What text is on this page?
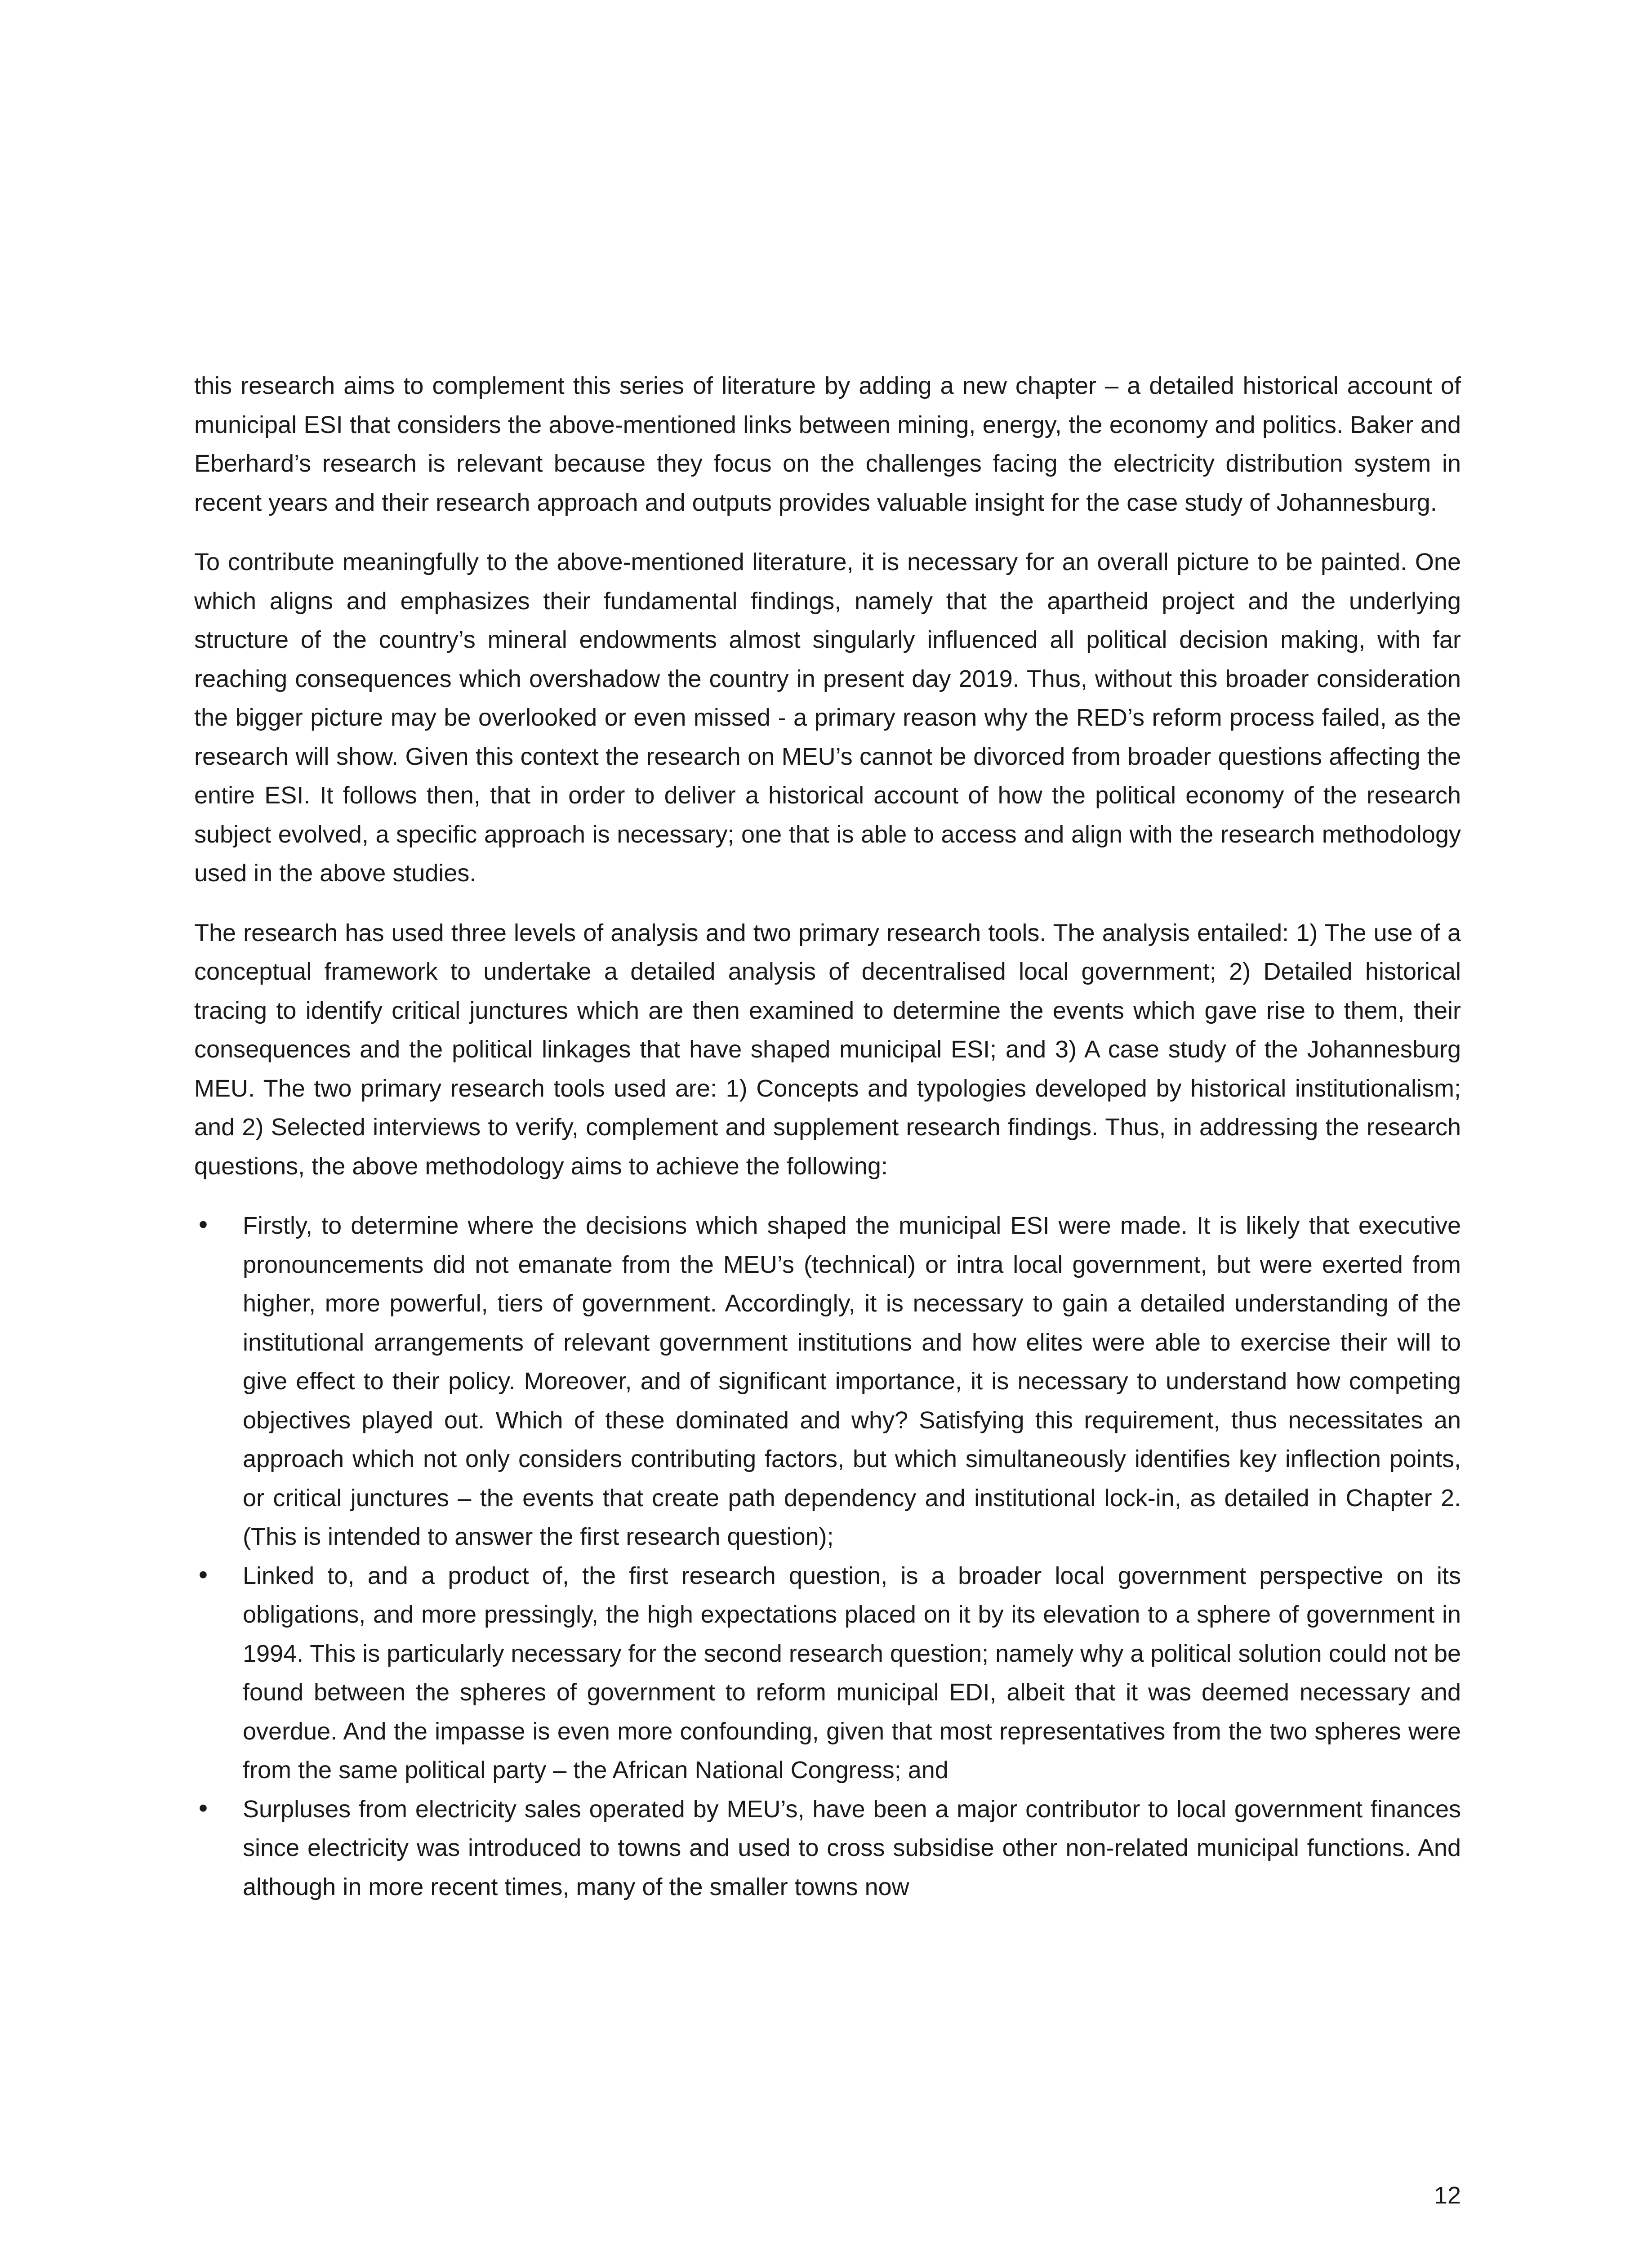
this research aims to complement this series of literature by adding a new chapter – a detailed historical account of municipal ESI that considers the above-mentioned links between mining, energy, the economy and politics. Baker and Eberhard’s research is relevant because they focus on the challenges facing the electricity distribution system in recent years and their research approach and outputs provides valuable insight for the case study of Johannesburg.

To contribute meaningfully to the above-mentioned literature, it is necessary for an overall picture to be painted. One which aligns and emphasizes their fundamental findings, namely that the apartheid project and the underlying structure of the country’s mineral endowments almost singularly influenced all political decision making, with far reaching consequences which overshadow the country in present day 2019. Thus, without this broader consideration the bigger picture may be overlooked or even missed - a primary reason why the RED’s reform process failed, as the research will show. Given this context the research on MEU’s cannot be divorced from broader questions affecting the entire ESI. It follows then, that in order to deliver a historical account of how the political economy of the research subject evolved, a specific approach is necessary; one that is able to access and align with the research methodology used in the above studies.

The research has used three levels of analysis and two primary research tools. The analysis entailed: 1) The use of a conceptual framework to undertake a detailed analysis of decentralised local government; 2) Detailed historical tracing to identify critical junctures which are then examined to determine the events which gave rise to them, their consequences and the political linkages that have shaped municipal ESI; and 3) A case study of the Johannesburg MEU. The two primary research tools used are: 1) Concepts and typologies developed by historical institutionalism; and 2) Selected interviews to verify, complement and supplement research findings. Thus, in addressing the research questions, the above methodology aims to achieve the following:

• Firstly, to determine where the decisions which shaped the municipal ESI were made. It is likely that executive pronouncements did not emanate from the MEU’s (technical) or intra local government, but were exerted from higher, more powerful, tiers of government. Accordingly, it is necessary to gain a detailed understanding of the institutional arrangements of relevant government institutions and how elites were able to exercise their will to give effect to their policy. Moreover, and of significant importance, it is necessary to understand how competing objectives played out. Which of these dominated and why? Satisfying this requirement, thus necessitates an approach which not only considers contributing factors, but which simultaneously identifies key inflection points, or critical junctures – the events that create path dependency and institutional lock-in, as detailed in Chapter 2. (This is intended to answer the first research question);
• Linked to, and a product of, the first research question, is a broader local government perspective on its obligations, and more pressingly, the high expectations placed on it by its elevation to a sphere of government in 1994. This is particularly necessary for the second research question; namely why a political solution could not be found between the spheres of government to reform municipal EDI, albeit that it was deemed necessary and overdue. And the impasse is even more confounding, given that most representatives from the two spheres were from the same political party – the African National Congress; and
• Surpluses from electricity sales operated by MEU’s, have been a major contributor to local government finances since electricity was introduced to towns and used to cross subsidise other non-related municipal functions. And although in more recent times, many of the smaller towns now
12
